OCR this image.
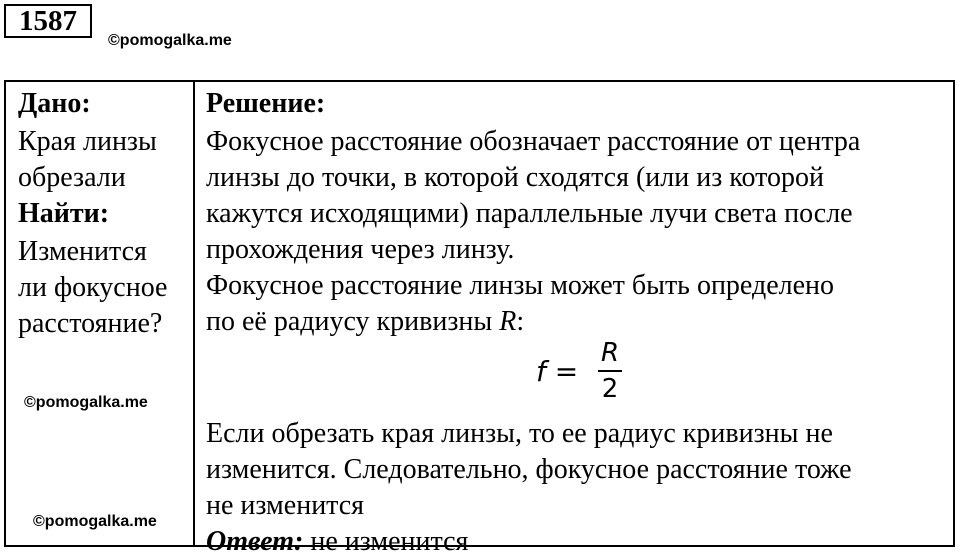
1587
©pomogalka.me
Дано:
Края линзы
обрезали
Найти:
Изменится
ли фокусное
расстояние?
Решение:
Фокусное расстояние обозначает расстояние от центра
линзы до точки, в которой сходятся (или из которой
кажутся исходящими) параллельные лучи света после
прохождения через линзу.
Фокусное расстояние линзы может быть определено
по её радиусу кривизны R:
$f = \frac{R}{2}$
Если обрезать края линзы, то ее радиус кривизны не
изменится. Следовательно, фокусное расстояние тоже
не изменится
Ответ: не изменится
©pomogalka.me
©pomogalka.me
